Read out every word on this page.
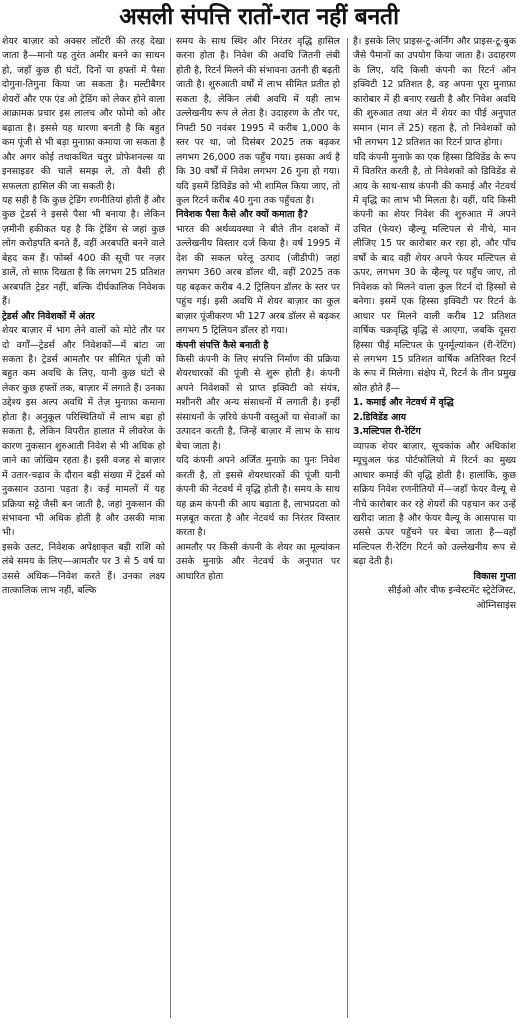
असली संपत्ति रातों-रात नहीं बनती

शेयर बाज़ार को अक्सर लॉटरी की तरह देखा जाता है—मानो यह तुरंत अमीर बनने का साधन हो, जहाँ कुछ ही घंटों, दिनों या हफ्तों में पैसा दोगुना-तिगुना किया जा सकता है। मल्टीबैगर शेयरों और एफ एंड ओ ट्रेडिंग को लेकर होने वाला आक्रामक प्रचार इस लालच और फोमो को और बढ़ाता है। इससे यह धारणा बनती है कि बहुत कम पूंजी से भी बड़ा मुनाफ़ा कमाया जा सकता है और अगर कोई तथाकथित चतुर प्रोफेशनल्स या इनसाइडर की चालें समझ ले, तो वैसी ही सफलता हासिल की जा सकती है।

यह सही है कि कुछ ट्रेडिंग रणनीतियां होती हैं और कुछ ट्रेडर्स ने इससे पैसा भी बनाया है। लेकिन ज़मीनी हकीकत यह है कि ट्रेडिंग से जहां कुछ लोग करोड़पति बनते हैं, वहीं अरबपति बनने वाले बेहद कम हैं। फोर्ब्स 400 की सूची पर नज़र डालें, तो साफ़ दिखता है कि लगभग 25 प्रतिशत अरबपति ट्रेडर नहीं, बल्कि दीर्घकालिक निवेशक हैं।

ट्रेडर्स और निवेशकों में अंतर

शेयर बाज़ार में भाग लेने वालों को मोटे तौर पर दो वर्गों—ट्रेडर्स और निवेशकों—में बांटा जा सकता है। ट्रेडर्स आमतौर पर सीमित पूंजी को बहुत कम अवधि के लिए, यानी कुछ घंटों से लेकर कुछ हफ्तों तक, बाज़ार में लगाते हैं। उनका उद्देश्य इस अल्प अवधि में तेज़ मुनाफ़ा कमाना होता है। अनुकूल परिस्थितियों में लाभ बड़ा हो सकता है, लेकिन विपरीत हालात में लीवरेज के कारण नुकसान शुरुआती निवेश से भी अधिक हो जाने का जोखिम रहता है। इसी वजह से बाज़ार में उतार-चढ़ाव के दौरान बड़ी संख्या में ट्रेडर्स को नुकसान उठाना पड़ता है। कई मामलों में यह प्रक्रिया सट्टे जैसी बन जाती है, जहां नुकसान की संभावना भी अधिक होती है और उसकी मात्रा भी।

इसके उलट, निवेशक अपेक्षाकृत बड़ी राशि को लंबे समय के लिए—आमतौर पर 3 से 5 वर्ष या उससे अधिक—निवेश करते हैं। उनका लक्ष्य तात्कालिक लाभ नहीं, बल्कि

समय के साथ स्थिर और निरंतर वृद्धि हासिल करना होता है। निवेश की अवधि जितनी लंबी होती है, रिटर्न मिलने की संभावना उतनी ही बढ़ती जाती है। शुरुआती वर्षों में लाभ सीमित प्रतीत हो सकता है, लेकिन लंबी अवधि में यही लाभ उल्लेखनीय रूप ले लेता है। उदाहरण के तौर पर, निफ्टी 50 नवंबर 1995 में करीब 1,000 के स्तर पर था, जो दिसंबर 2025 तक बढ़कर लगभग 26,000 तक पहुँच गया। इसका अर्थ है कि 30 वर्षों में निवेश लगभग 26 गुना हो गया। यदि इसमें डिविडेंड को भी शामिल किया जाए, तो कुल रिटर्न करीब 40 गुना तक पहुँचता है।

निवेशक पैसा कैसे और क्यों कमाता है?

भारत की अर्थव्यवस्था ने बीते तीन दशकों में उल्लेखनीय विस्तार दर्ज किया है। वर्ष 1995 में देश की सकल घरेलू उत्पाद (जीडीपी) जहां लगभग 360 अरब डॉलर थी, वहीं 2025 तक यह बढ़कर करीब 4.2 ट्रिलियन डॉलर के स्तर पर पहुंच गई। इसी अवधि में शेयर बाज़ार का कुल बाज़ार पूंजीकरण भी 127 अरब डॉलर से बढ़कर लगभग 5 ट्रिलियन डॉलर हो गया।

कंपनी संपत्ति कैसे बनाती है

किसी कंपनी के लिए संपत्ति निर्माण की प्रक्रिया शेयरधारकों की पूंजी से शुरू होती है। कंपनी अपने निवेशकों से प्राप्त इक्विटी को संयंत्र, मशीनरी और अन्य संसाधनों में लगाती है। इन्हीं संसाधनों के ज़रिये कंपनी वस्तुओं या सेवाओं का उत्पादन करती है, जिन्हें बाज़ार में लाभ के साथ बेचा जाता है।

यदि कंपनी अपने अर्जित मुनाफ़े का पुनः निवेश करती है, तो इससे शेयरधारकों की पूंजी यानी कंपनी की नेटवर्थ में वृद्धि होती है। समय के साथ यह क्रम कंपनी की आय बढ़ाता है, लाभप्रदता को मज़बूत करता है और नेटवर्थ का निरंतर विस्तार करता है।

आमतौर पर किसी कंपनी के शेयर का मूल्यांकन उसके मुनाफ़े और नेटवर्थ के अनुपात पर आधारित होता

है। इसके लिए प्राइस-टू-अर्निंग और प्राइस-टू-बुक जैसे पैमानों का उपयोग किया जाता है। उदाहरण के लिए, यदि किसी कंपनी का रिटर्न ऑन इक्विटी 12 प्रतिशत है, वह अपना पूरा मुनाफ़ा कारोबार में ही बनाए रखती है और निवेश अवधि की शुरुआत तथा अंत में शेयर का पीई अनुपात समान (मान लें 25) रहता है, तो निवेशकों को भी लगभग 12 प्रतिशत का रिटर्न प्राप्त होगा।

यदि कंपनी मुनाफ़े का एक हिस्सा डिविडेंड के रूप में वितरित करती है, तो निवेशकों को डिविडेंड से आय के साथ-साथ कंपनी की कमाई और नेटवर्थ में वृद्धि का लाभ भी मिलता है। वहीं, यदि किसी कंपनी का शेयर निवेश की शुरुआत में अपने उचित (फेयर) व्हैल्यू मल्टिपल से नीचे, मान लीजिए 15 पर कारोबार कर रहा हो, और पाँच वर्षों के बाद वही शेयर अपने फेयर मल्टिपल से ऊपर, लगभग 30 के व्हैल्यू पर पहुँच जाए, तो निवेशक को मिलने वाला कुल रिटर्न दो हिस्सों से बनेगा। इसमें एक हिस्सा इक्विटी पर रिटर्न के आधार पर मिलने वाली करीब 12 प्रतिशत वार्षिक चक्रवृद्धि वृद्धि से आएगा, जबकि दूसरा हिस्सा पीई मल्टिपल के पुनर्मूल्यांकन (री-रेटिंग) से लगभग 15 प्रतिशत वार्षिक अतिरिक्त रिटर्न के रूप में मिलेगा। संक्षेप में, रिटर्न के तीन प्रमुख स्रोत होते हैं—

1. कमाई और नेटवर्थ में वृद्धि

2.डिविडेंड आय

3.मल्टिपल री-रेटिंग

व्यापक शेयर बाज़ार, सूचकांक और अधिकांश म्यूचुअल फंड पोर्टफोलियो में रिटर्न का मुख्य आधार कमाई की वृद्धि होती है। हालांकि, कुछ सक्रिय निवेश रणनीतियों में—जहाँ फेयर वैल्यू से नीचे कारोबार कर रहे शेयरों की पहचान कर उन्हें खरीदा जाता है और फेयर वैल्यू के आसपास या उससे ऊपर पहुँचने पर बेचा जाता है—वहाँ मल्टिपल री-रेटिंग रिटर्न को उल्लेखनीय रूप से बढ़ा देती है।

विकास गुप्ता

सीईओ और चीफ इन्वेस्टमेंट स्ट्रेटेजिस्ट, ओम्निसाइंस
